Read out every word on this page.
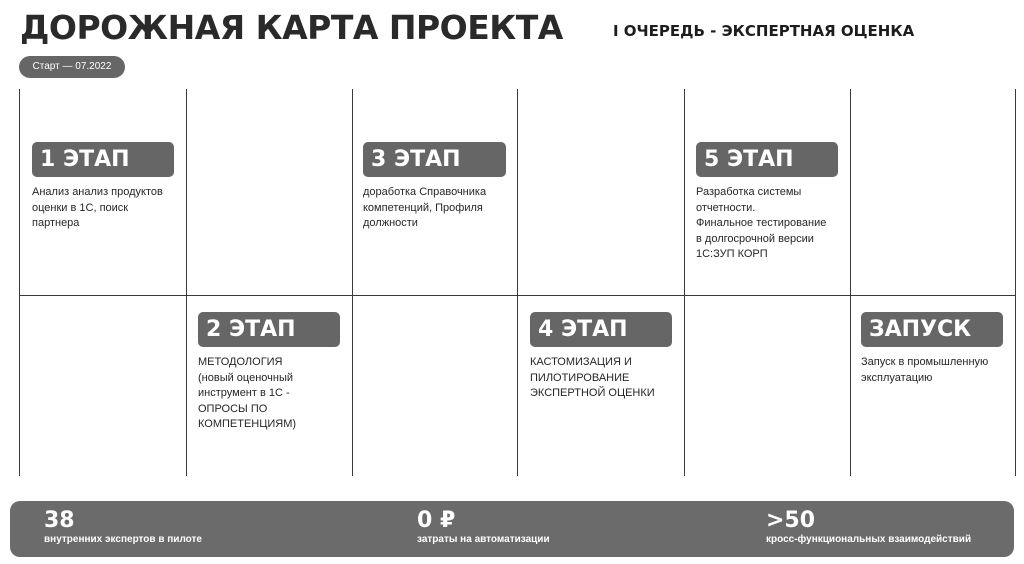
ДОРОЖНАЯ КАРТА ПРОЕКТА	I ОЧЕРЕДЬ - ЭКСПЕРТНАЯ ОЦЕНКА
Старт — 07.2022
1 ЭТАП
Анализ анализ продуктов
оценки в 1С, поиск
партнера
2 ЭТАП
МЕТОДОЛОГИЯ
(новый оценочный
инструмент в 1С -
ОПРОСЫ ПО
КОМПЕТЕНЦИЯМ)
3 ЭТАП
доработка Справочника
компетенций, Профиля
должности
4 ЭТАП
КАСТОМИЗАЦИЯ И
ПИЛОТИРОВАНИЕ
ЭКСПЕРТНОЙ ОЦЕНКИ
5 ЭТАП
Разработка системы
отчетности.
Финальное тестирование
в долгосрочной версии
1С:ЗУП КОРП
ЗАПУСК
Запуск в промышленную
эксплуатацию
38
внутренних экспертов в пилоте
0 ₽
затраты на автоматизации
>50
кросс-функциональных взаимодействий
